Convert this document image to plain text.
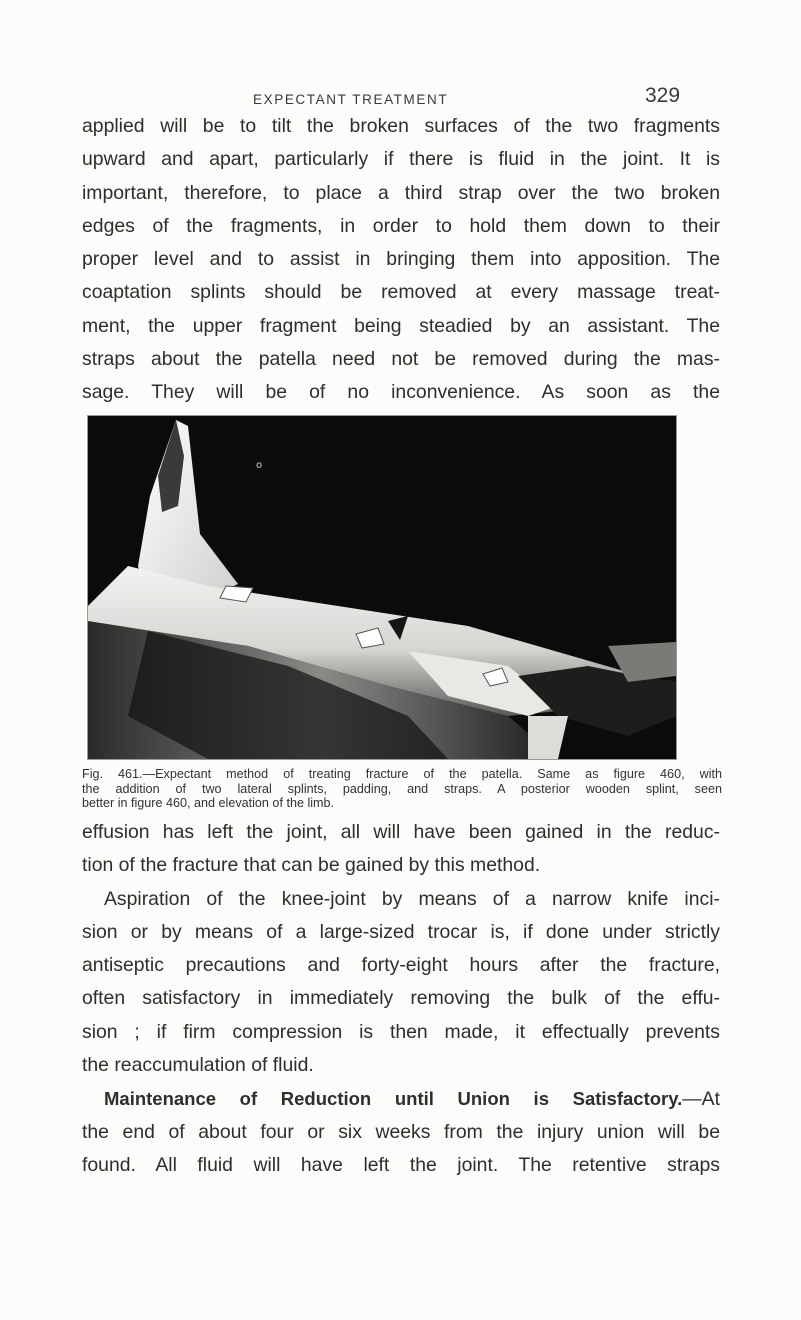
EXPECTANT TREATMENT	329
applied will be to tilt the broken surfaces of the two fragments
upward and apart, particularly if there is fluid in the joint. It is
important, therefore, to place a third strap over the two broken
edges of the fragments, in order to hold them down to their
proper level and to assist in bringing them into apposition. The
coaptation splints should be removed at every massage treat-
ment, the upper fragment being steadied by an assistant. The
straps about the patella need not be removed during the mas-
sage. They will be of no inconvenience. As soon as the
o
Fig. 461.—Expectant method of treating fracture of the patella. Same as figure 460, with
the addition of two lateral splints, padding, and straps. A posterior wooden splint, seen
better in figure 460, and elevation of the limb.
effusion has left the joint, all will have been gained in the reduc-
tion of the fracture that can be gained by this method.
Aspiration of the knee-joint by means of a narrow knife inci-
sion or by means of a large-sized trocar is, if done under strictly
antiseptic precautions and forty-eight hours after the fracture,
often satisfactory in immediately removing the bulk of the effu-
sion ; if firm compression is then made, it effectually prevents
the reaccumulation of fluid.
Maintenance of Reduction until Union is Satisfactory.—At
the end of about four or six weeks from the injury union will be
found. All fluid will have left the joint. The retentive straps
